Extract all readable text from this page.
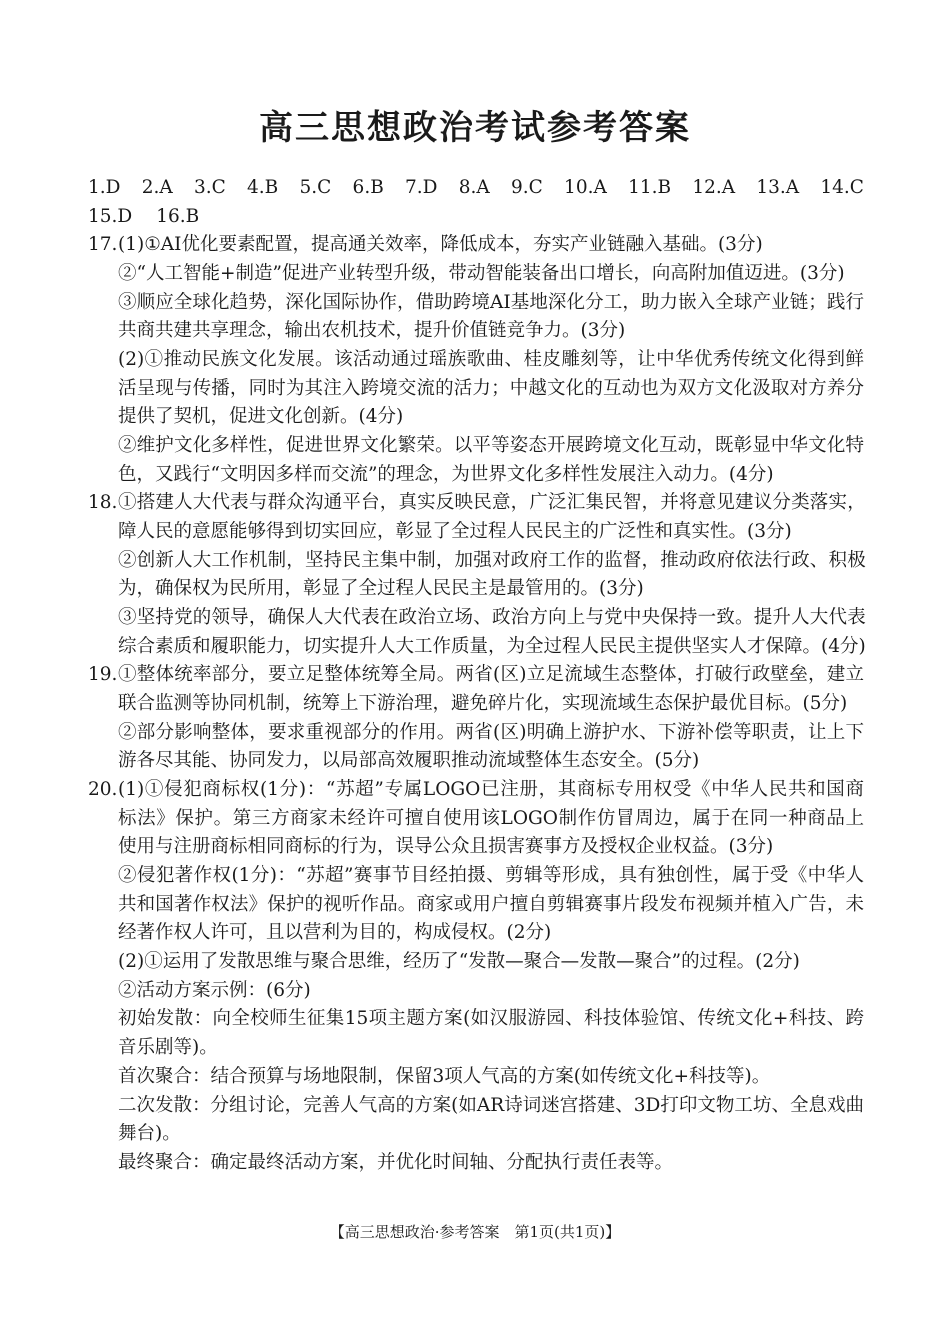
高三思想政治考试参考答案
1.D 2.A 3.C 4.B 5.C 6.B 7.D 8.A 9.C 10.A 11.B 12.A 13.A 14.C
15.D 16.B
17. (1)①AI优化要素配置，提高通关效率，降低成本，夯实产业链融入基础。(3分)
②“人工智能+制造”促进产业转型升级，带动智能装备出口增长，向高附加值迈进。(3分)
③顺应全球化趋势，深化国际协作，借助跨境AI基地深化分工，助力嵌入全球产业链；践行
共商共建共享理念，输出农机技术，提升价值链竞争力。(3分)
(2)①推动民族文化发展。该活动通过瑶族歌曲、桂皮雕刻等，让中华优秀传统文化得到鲜
活呈现与传播，同时为其注入跨境交流的活力；中越文化的互动也为双方文化汲取对方养分
提供了契机，促进文化创新。(4分)
②维护文化多样性，促进世界文化繁荣。以平等姿态开展跨境文化互动，既彰显中华文化特
色，又践行“文明因多样而交流”的理念，为世界文化多样性发展注入动力。(4分)
18. ①搭建人大代表与群众沟通平台，真实反映民意，广泛汇集民智，并将意见建议分类落实，
障人民的意愿能够得到切实回应，彰显了全过程人民民主的广泛性和真实性。(3分)
②创新人大工作机制，坚持民主集中制，加强对政府工作的监督，推动政府依法行政、积极
为，确保权为民所用，彰显了全过程人民民主是最管用的。(3分)
③坚持党的领导，确保人大代表在政治立场、政治方向上与党中央保持一致。提升人大代表
综合素质和履职能力，切实提升人大工作质量，为全过程人民民主提供坚实人才保障。(4分)
19. ①整体统率部分，要立足整体统筹全局。两省(区)立足流域生态整体，打破行政壁垒，建立
联合监测等协同机制，统筹上下游治理，避免碎片化，实现流域生态保护最优目标。(5分)
②部分影响整体，要求重视部分的作用。两省(区)明确上游护水、下游补偿等职责，让上下
游各尽其能、协同发力，以局部高效履职推动流域整体生态安全。(5分)
20. (1)①侵犯商标权(1分)：“苏超”专属LOGO已注册，其商标专用权受《中华人民共和国商
标法》保护。第三方商家未经许可擅自使用该LOGO制作仿冒周边，属于在同一种商品上
使用与注册商标相同商标的行为，误导公众且损害赛事方及授权企业权益。(3分)
②侵犯著作权(1分)：“苏超”赛事节目经拍摄、剪辑等形成，具有独创性，属于受《中华人
共和国著作权法》保护的视听作品。商家或用户擅自剪辑赛事片段发布视频并植入广告，未
经著作权人许可，且以营利为目的，构成侵权。(2分)
(2)①运用了发散思维与聚合思维，经历了“发散—聚合—发散—聚合”的过程。(2分)
②活动方案示例：(6分)
初始发散：向全校师生征集15项主题方案(如汉服游园、科技体验馆、传统文化+科技、跨
音乐剧等)。
首次聚合：结合预算与场地限制，保留3项人气高的方案(如传统文化+科技等)。
二次发散：分组讨论，完善人气高的方案(如AR诗词迷宫搭建、3D打印文物工坊、全息戏曲
舞台)。
最终聚合：确定最终活动方案，并优化时间轴、分配执行责任表等。
【高三思想政治·参考答案　第1页(共1页)】
